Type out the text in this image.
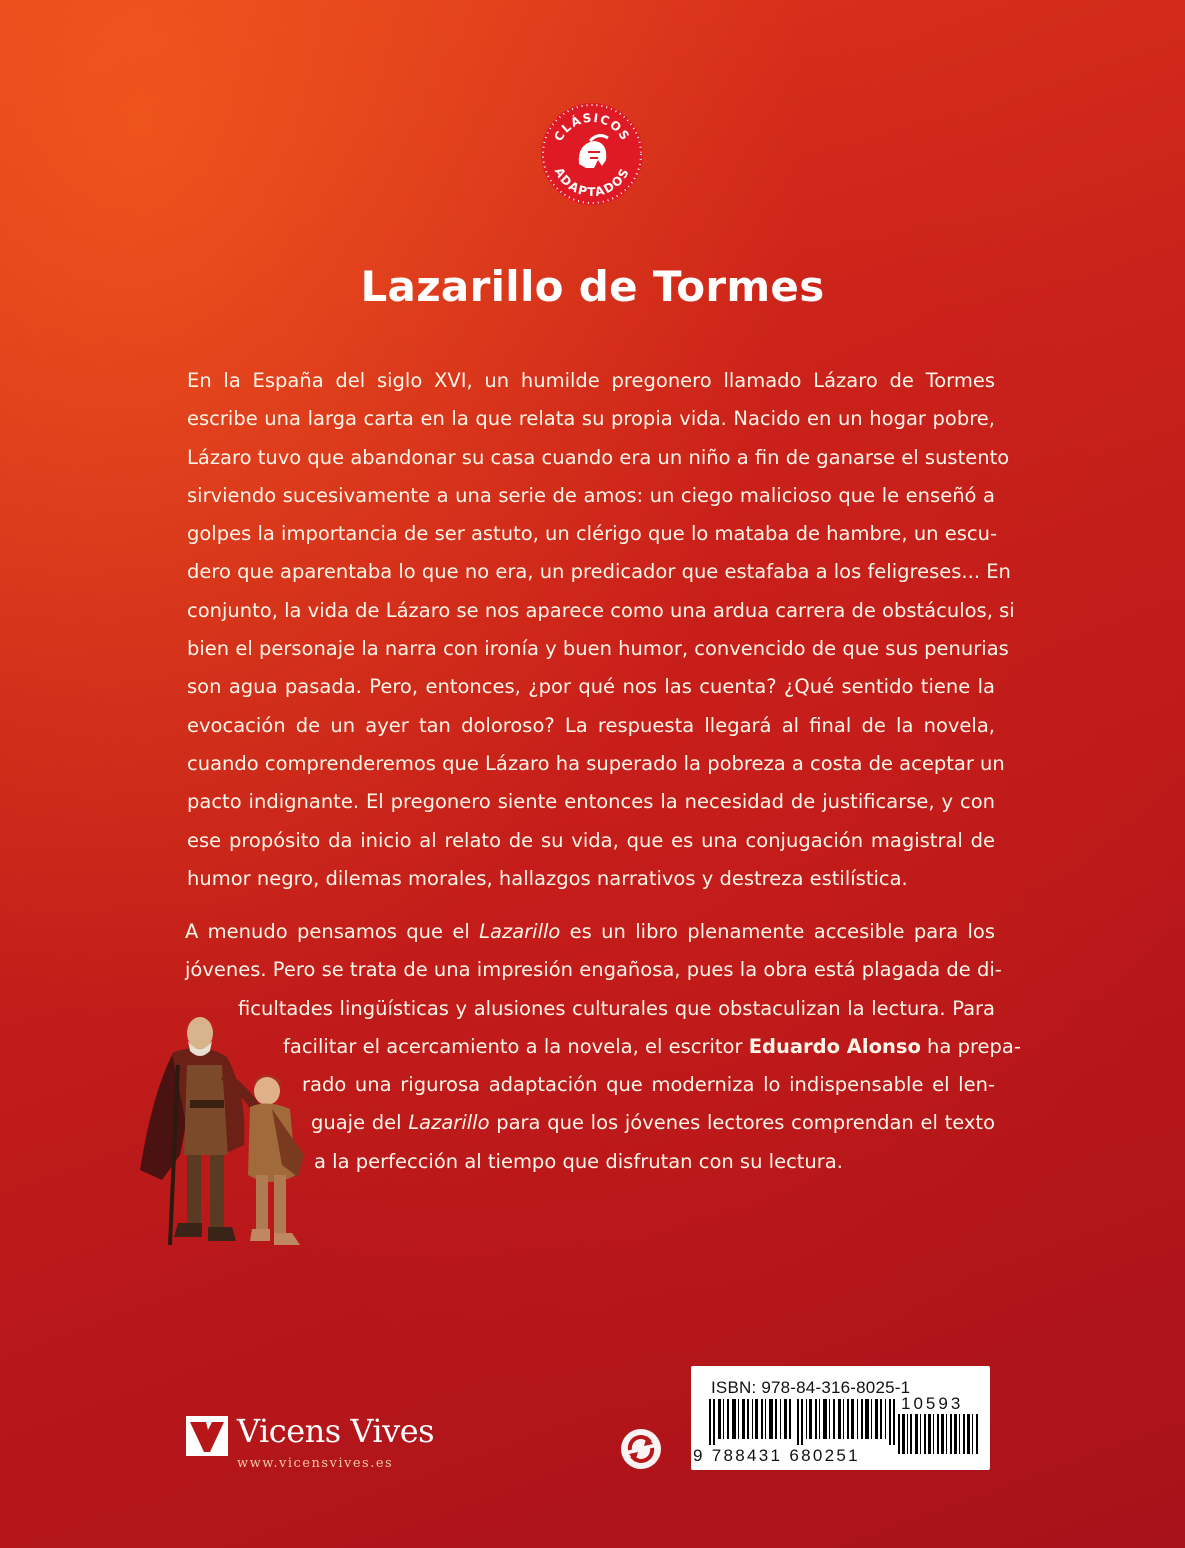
CLÁSICOS
ADAPTADOS
Lazarillo de Tormes
En la España del siglo XVI, un humilde pregonero llamado Lázaro de Tormes
escribe una larga carta en la que relata su propia vida. Nacido en un hogar pobre,
Lázaro tuvo que abandonar su casa cuando era un niño a fin de ganarse el sustento
sirviendo sucesivamente a una serie de amos: un ciego malicioso que le enseñó a
golpes la importancia de ser astuto, un clérigo que lo mataba de hambre, un escu-
dero que aparentaba lo que no era, un predicador que estafaba a los feligreses... En
conjunto, la vida de Lázaro se nos aparece como una ardua carrera de obstáculos, si
bien el personaje la narra con ironía y buen humor, convencido de que sus penurias
son agua pasada. Pero, entonces, ¿por qué nos las cuenta? ¿Qué sentido tiene la
evocación de un ayer tan doloroso? La respuesta llegará al final de la novela,
cuando comprenderemos que Lázaro ha superado la pobreza a costa de aceptar un
pacto indignante. El pregonero siente entonces la necesidad de justificarse, y con
ese propósito da inicio al relato de su vida, que es una conjugación magistral de
humor negro, dilemas morales, hallazgos narrativos y destreza estilística.
A menudo pensamos que el Lazarillo es un libro plenamente accesible para los
jóvenes. Pero se trata de una impresión engañosa, pues la obra está plagada de di-
ficultades lingüísticas y alusiones culturales que obstaculizan la lectura. Para
facilitar el acercamiento a la novela, el escritor Eduardo Alonso ha prepa-
rado una rigurosa adaptación que moderniza lo indispensable el len-
guaje del Lazarillo para que los jóvenes lectores comprendan el texto
a la perfección al tiempo que disfrutan con su lectura.
Vicens Vives
www.vicensvives.es
ISBN: 978-84-316-8025-1
10593
9 788431 680251
